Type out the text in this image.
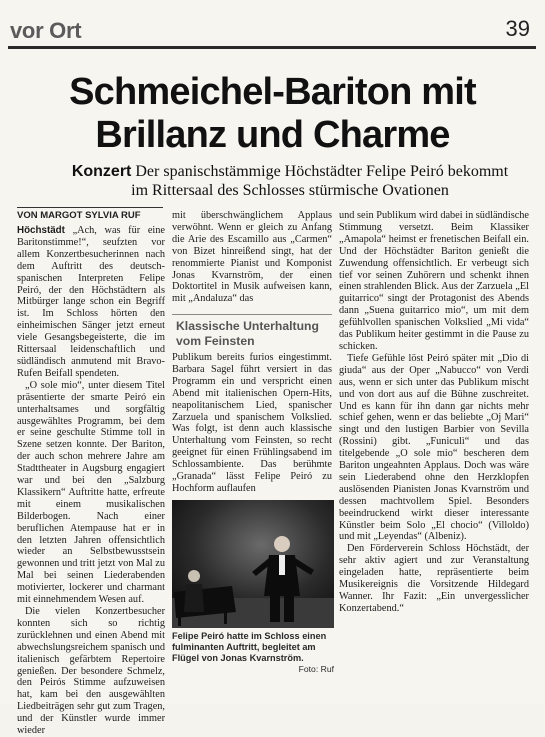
vor Ort	39
Schmeichel-Bariton mit
Brillanz und Charme
Konzert Der spanischstämmige Höchstädter Felipe Peiró bekommt im Rittersaal des Schlosses stürmische Ovationen
VON MARGOT SYLVIA RUF

Höchstädt „Ach, was für eine Baritonstimme!“, seufzten vor allem Konzertbesucherinnen nach dem Auftritt des deutsch-spanischen Interpreten Felipe Peiró, der den Höchstädtern als Mitbürger lange schon ein Begriff ist. Im Schloss hörten den einheimischen Sänger jetzt erneut viele Gesangsbegeisterte, die im Rittersaal leidenschaftlich und südländisch anmutend mit Bravo-Rufen Beifall spendeten.

„O sole mio“, unter diesem Titel präsentierte der smarte Peiró ein unterhaltsames und sorgfältig ausgewähltes Programm, bei dem er seine geschulte Stimme toll in Szene setzen konnte. Der Bariton, der auch schon mehrere Jahre am Stadttheater in Augsburg engagiert war und bei den „Salzburg Klassikern“ Auftritte hatte, erfreute mit einem musikalischen Bilderbogen. Nach einer beruflichen Atempause hat er in den letzten Jahren offensichtlich wieder an Selbstbewusstsein gewonnen und tritt jetzt von Mal zu Mal bei seinen Liederabenden motivierter, lockerer und charmant mit einnehmendem Wesen auf.

Die vielen Konzertbesucher konnten sich so richtig zurücklehnen und einen Abend mit abwechslungsreichem spanisch und italienisch gefärbtem Repertoire genießen. Der besondere Schmelz, den Peirós Stimme aufzuweisen hat, kam bei den ausgewählten Liedbeiträgen sehr gut zum Tragen, und der Künstler wurde immer wieder

mit überschwänglichem Applaus verwöhnt. Wenn er gleich zu Anfang die Arie des Escamillo aus „Carmen“ von Bizet hinreißend singt, hat der renommierte Pianist und Komponist Jonas Kvarnström, der einen Doktortitel in Musik aufweisen kann, mit „Andaluza“ das

Klassische Unterhaltung vom Feinsten

Publikum bereits furios eingestimmt. Barbara Sagel führt versiert in das Programm ein und verspricht einen Abend mit italienischen Opern-Hits, neapolitanischem Lied, spanischer Zarzuela und spanischem Volkslied. Was folgt, ist denn auch klassische Unterhaltung vom Feinsten, so recht geeignet für einen Frühlingsabend im Schlossambiente. Das berühmte „Granada“ lässt Felipe Peiró zu Hochform auflaufen

Felipe Peiró hatte im Schloss einen fulminanten Auftritt, begleitet am Flügel von Jonas Kvarnström.
Foto: Ruf

und sein Publikum wird dabei in südländische Stimmung versetzt. Beim Klassiker „Amapola“ heimst er frenetischen Beifall ein. Und der Höchstädter Bariton genießt die Zuwendung offensichtlich. Er verbeugt sich tief vor seinen Zuhörern und schenkt ihnen einen strahlenden Blick. Aus der Zarzuela „El guitarrico“ singt der Protagonist des Abends dann „Suena guitarrico mio“, um mit dem gefühlvollen spanischen Volkslied „Mi vida“ das Publikum heiter gestimmt in die Pause zu schicken.

Tiefe Gefühle löst Peiró später mit „Dio di giuda“ aus der Oper „Nabucco“ von Verdi aus, wenn er sich unter das Publikum mischt und von dort aus auf die Bühne zuschreitet. Und es kann für ihn dann gar nichts mehr schief gehen, wenn er das beliebte „Oj Mari“ singt und den lustigen Barbier von Sevilla (Rossini) gibt. „Funiculì“ und das titelgebende „O sole mio“ bescheren dem Bariton ungeahnten Applaus. Doch was wäre sein Liederabend ohne den Herzklopfen auslösenden Pianisten Jonas Kvarnström und dessen machtvollem Spiel. Besonders beeindruckend wirkt dieser interessante Künstler beim Solo „El chocio“ (Villoldo) und mit „Leyendas“ (Albeniz).

Den Förderverein Schloss Höchstädt, der sehr aktiv agiert und zur Veranstaltung eingeladen hatte, repräsentierte beim Musikereignis die Vorsitzende Hildegard Wanner. Ihr Fazit: „Ein unvergesslicher Konzertabend.“
